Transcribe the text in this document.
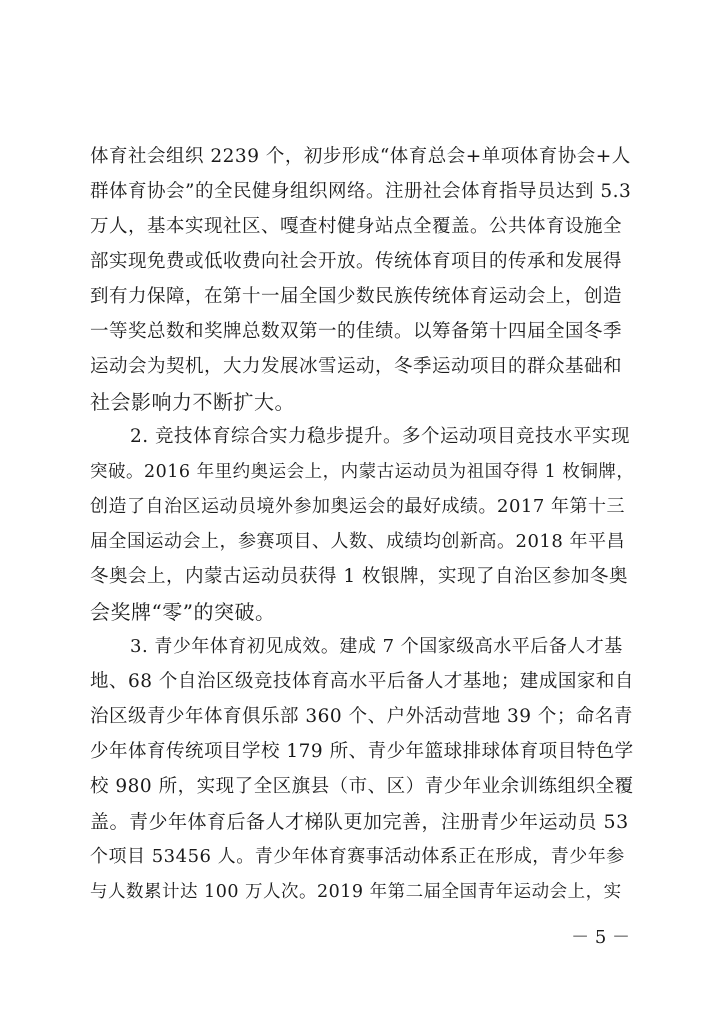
体育社会组织 2239 个，初步形成“体育总会+单项体育协会+人
群体育协会”的全民健身组织网络。注册社会体育指导员达到 5.3
万人，基本实现社区、嘎查村健身站点全覆盖。公共体育设施全
部实现免费或低收费向社会开放。传统体育项目的传承和发展得
到有力保障，在第十一届全国少数民族传统体育运动会上，创造
一等奖总数和奖牌总数双第一的佳绩。以筹备第十四届全国冬季
运动会为契机，大力发展冰雪运动，冬季运动项目的群众基础和
社会影响力不断扩大。
2. 竞技体育综合实力稳步提升。多个运动项目竞技水平实现
突破。2016 年里约奥运会上，内蒙古运动员为祖国夺得 1 枚铜牌，
创造了自治区运动员境外参加奥运会的最好成绩。2017 年第十三
届全国运动会上，参赛项目、人数、成绩均创新高。2018 年平昌
冬奥会上，内蒙古运动员获得 1 枚银牌，实现了自治区参加冬奥
会奖牌“零”的突破。
3. 青少年体育初见成效。建成 7 个国家级高水平后备人才基
地、68 个自治区级竞技体育高水平后备人才基地；建成国家和自
治区级青少年体育俱乐部 360 个、户外活动营地 39 个；命名青
少年体育传统项目学校 179 所、青少年篮球排球体育项目特色学
校 980 所，实现了全区旗县（市、区）青少年业余训练组织全覆
盖。青少年体育后备人才梯队更加完善，注册青少年运动员 53
个项目 53456 人。青少年体育赛事活动体系正在形成，青少年参
与人数累计达 100 万人次。2019 年第二届全国青年运动会上，实
－ 5 －
